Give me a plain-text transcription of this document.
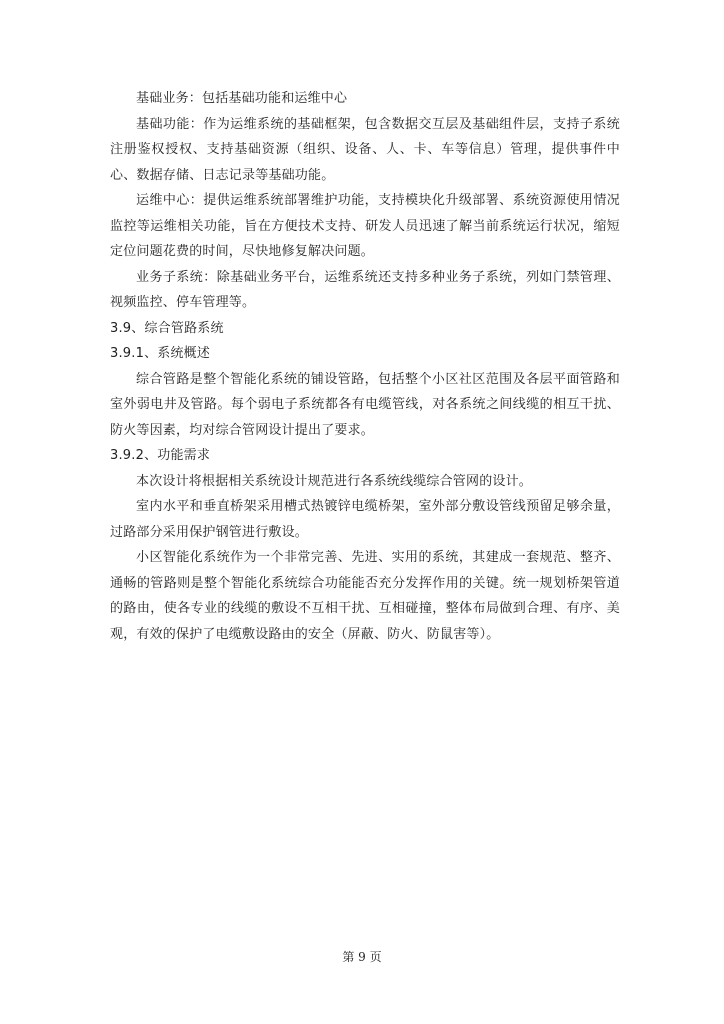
基础业务：包括基础功能和运维中心

基础功能：作为运维系统的基础框架，包含数据交互层及基础组件层，支持子系统注册鉴权授权、支持基础资源（组织、设备、人、卡、车等信息）管理，提供事件中心、数据存储、日志记录等基础功能。

运维中心：提供运维系统部署维护功能，支持模块化升级部署、系统资源使用情况监控等运维相关功能，旨在方便技术支持、研发人员迅速了解当前系统运行状况，缩短定位问题花费的时间，尽快地修复解决问题。

业务子系统：除基础业务平台，运维系统还支持多种业务子系统，列如门禁管理、视频监控、停车管理等。

3.9、综合管路系统

3.9.1、系统概述

综合管路是整个智能化系统的铺设管路，包括整个小区社区范围及各层平面管路和室外弱电井及管路。每个弱电子系统都各有电缆管线，对各系统之间线缆的相互干扰、防火等因素，均对综合管网设计提出了要求。

3.9.2、功能需求

本次设计将根据相关系统设计规范进行各系统线缆综合管网的设计。

室内水平和垂直桥架采用槽式热镀锌电缆桥架，室外部分敷设管线预留足够余量，过路部分采用保护钢管进行敷设。

小区智能化系统作为一个非常完善、先进、实用的系统，其建成一套规范、整齐、通畅的管路则是整个智能化系统综合功能能否充分发挥作用的关键。统一规划桥架管道的路由，使各专业的线缆的敷设不互相干扰、互相碰撞，整体布局做到合理、有序、美观，有效的保护了电缆敷设路由的安全（屏蔽、防火、防鼠害等）。

第 9 页
